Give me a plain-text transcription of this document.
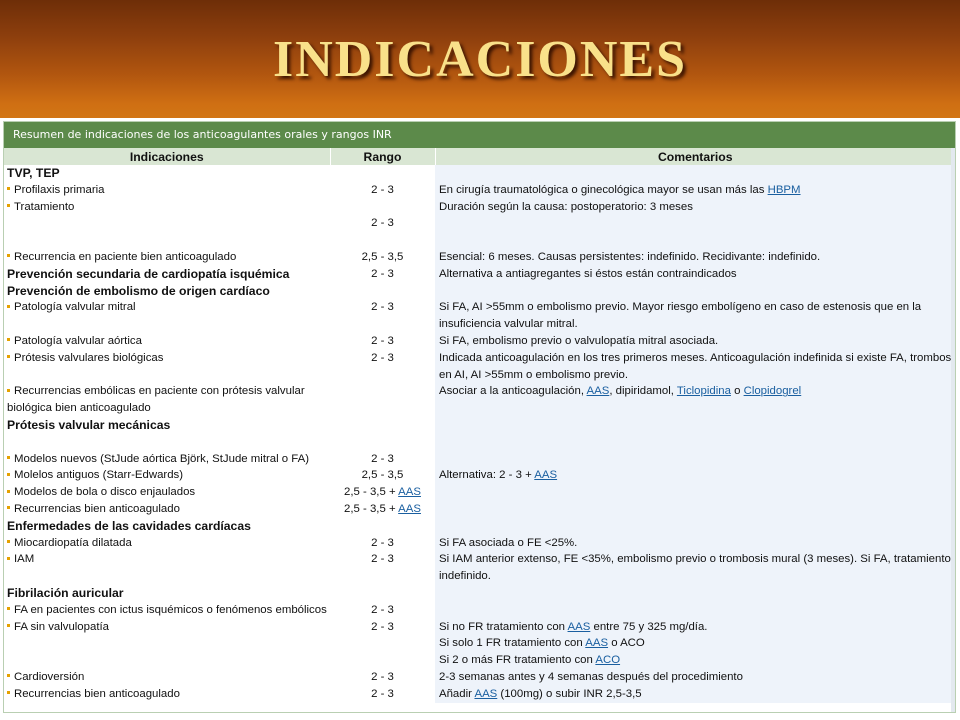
INDICACIONES
Resumen de indicaciones de los anticoagulantes orales y rangos INR
Indicaciones	Rango	Comentarios
TVP, TEP		
Profilaxis primaria	2 - 3	En cirugía traumatológica o ginecológica mayor se usan más las HBPM
Tratamiento	2 - 3	Duración según la causa: postoperatorio: 3 meses

Recurrencia en paciente bien anticoagulado	2,5 - 3,5	Esencial: 6 meses. Causas persistentes: indefinido. Recidivante: indefinido.
Prevención secundaria de cardiopatía isquémica	2 - 3	Alternativa a antiagregantes si éstos están contraindicados
Prevención de embolismo de origen cardíaco		
Patología valvular mitral	2 - 3	Si FA, AI >55mm o embolismo previo. Mayor riesgo embolígeno en caso de estenosis que en la insuficiencia valvular mitral.
Patología valvular aórtica	2 - 3	Si FA, embolismo previo o valvulopatía mitral asociada.
Prótesis valvulares biológicas	2 - 3	Indicada anticoagulación en los tres primeros meses. Anticoagulación indefinida si existe FA, trombos en AI, AI >55mm o embolismo previo.
Recurrencias embólicas en paciente con prótesis valvular biológica bien anticoagulado		Asociar a la anticoagulación, AAS, dipiridamol, Ticlopidina o Clopidogrel
Prótesis valvular mecánicas		

Modelos nuevos (StJude aórtica Björk, StJude mitral o FA)	2 - 3	

Molelos antiguos (Starr-Edwards)	2,5 - 3,5	Alternativa: 2 - 3 + AAS
Modelos de bola o disco enjaulados	2,5 - 3,5 + AAS	
Recurrencias bien anticoagulado	2,5 - 3,5 + AAS	
Enfermedades de las cavidades cardíacas		
Miocardiopatía dilatada	2 - 3	Si FA asociada o FE <25%.
IAM	2 - 3	Si IAM anterior extenso, FE <35%, embolismo previo o trombosis mural (3 meses). Si FA, tratamiento indefinido.
Fibrilación auricular		
FA en pacientes con ictus isquémicos o fenómenos embólicos	2 - 3	
FA sin valvulopatía	2 - 3	Si no FR tratamiento con AAS entre 75 y 325 mg/día.
Si solo 1 FR tratamiento con AAS o ACO
Si 2 o más FR tratamiento con ACO
Cardioversión	2 - 3	2-3 semanas antes y 4 semanas después del procedimiento
Recurrencias bien anticoagulado	2 - 3	Añadir AAS (100mg) o subir INR 2,5-3,5
